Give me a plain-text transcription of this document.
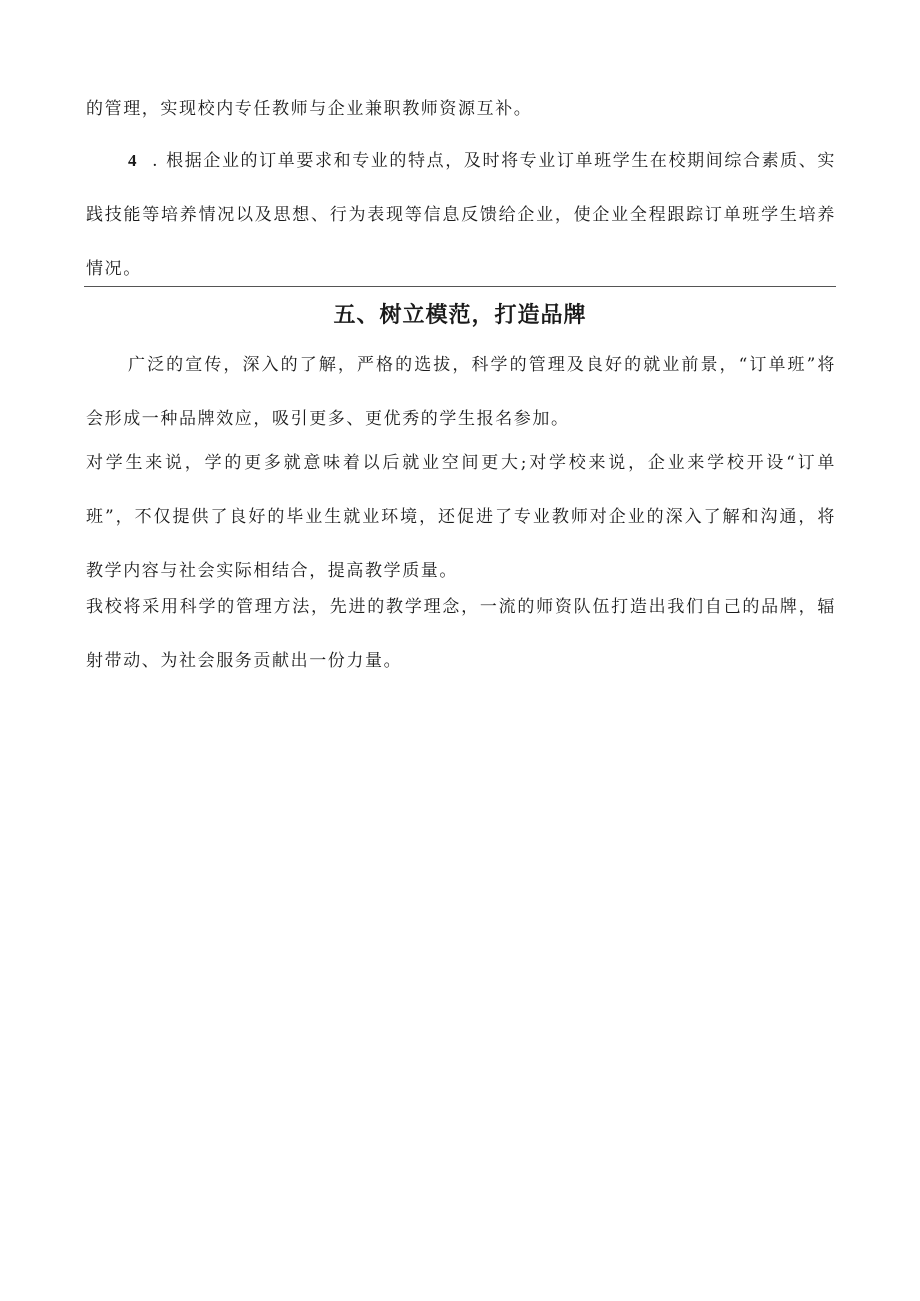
的管理，实现校内专任教师与企业兼职教师资源互补。

4 . 根据企业的订单要求和专业的特点，及时将专业订单班学生在校期间综合素质、实践技能等培养情况以及思想、行为表现等信息反馈给企业，使企业全程跟踪订单班学生培养情况。

五、树立模范，打造品牌

广泛的宣传，深入的了解，严格的选拔，科学的管理及良好的就业前景，“订单班”将会形成一种品牌效应，吸引更多、更优秀的学生报名参加。

对学生来说，学的更多就意味着以后就业空间更大;对学校来说，企业来学校开设“订单班”，不仅提供了良好的毕业生就业环境，还促进了专业教师对企业的深入了解和沟通，将教学内容与社会实际相结合，提高教学质量。

我校将采用科学的管理方法，先进的教学理念，一流的师资队伍打造出我们自己的品牌，辐射带动、为社会服务贡献出一份力量。
